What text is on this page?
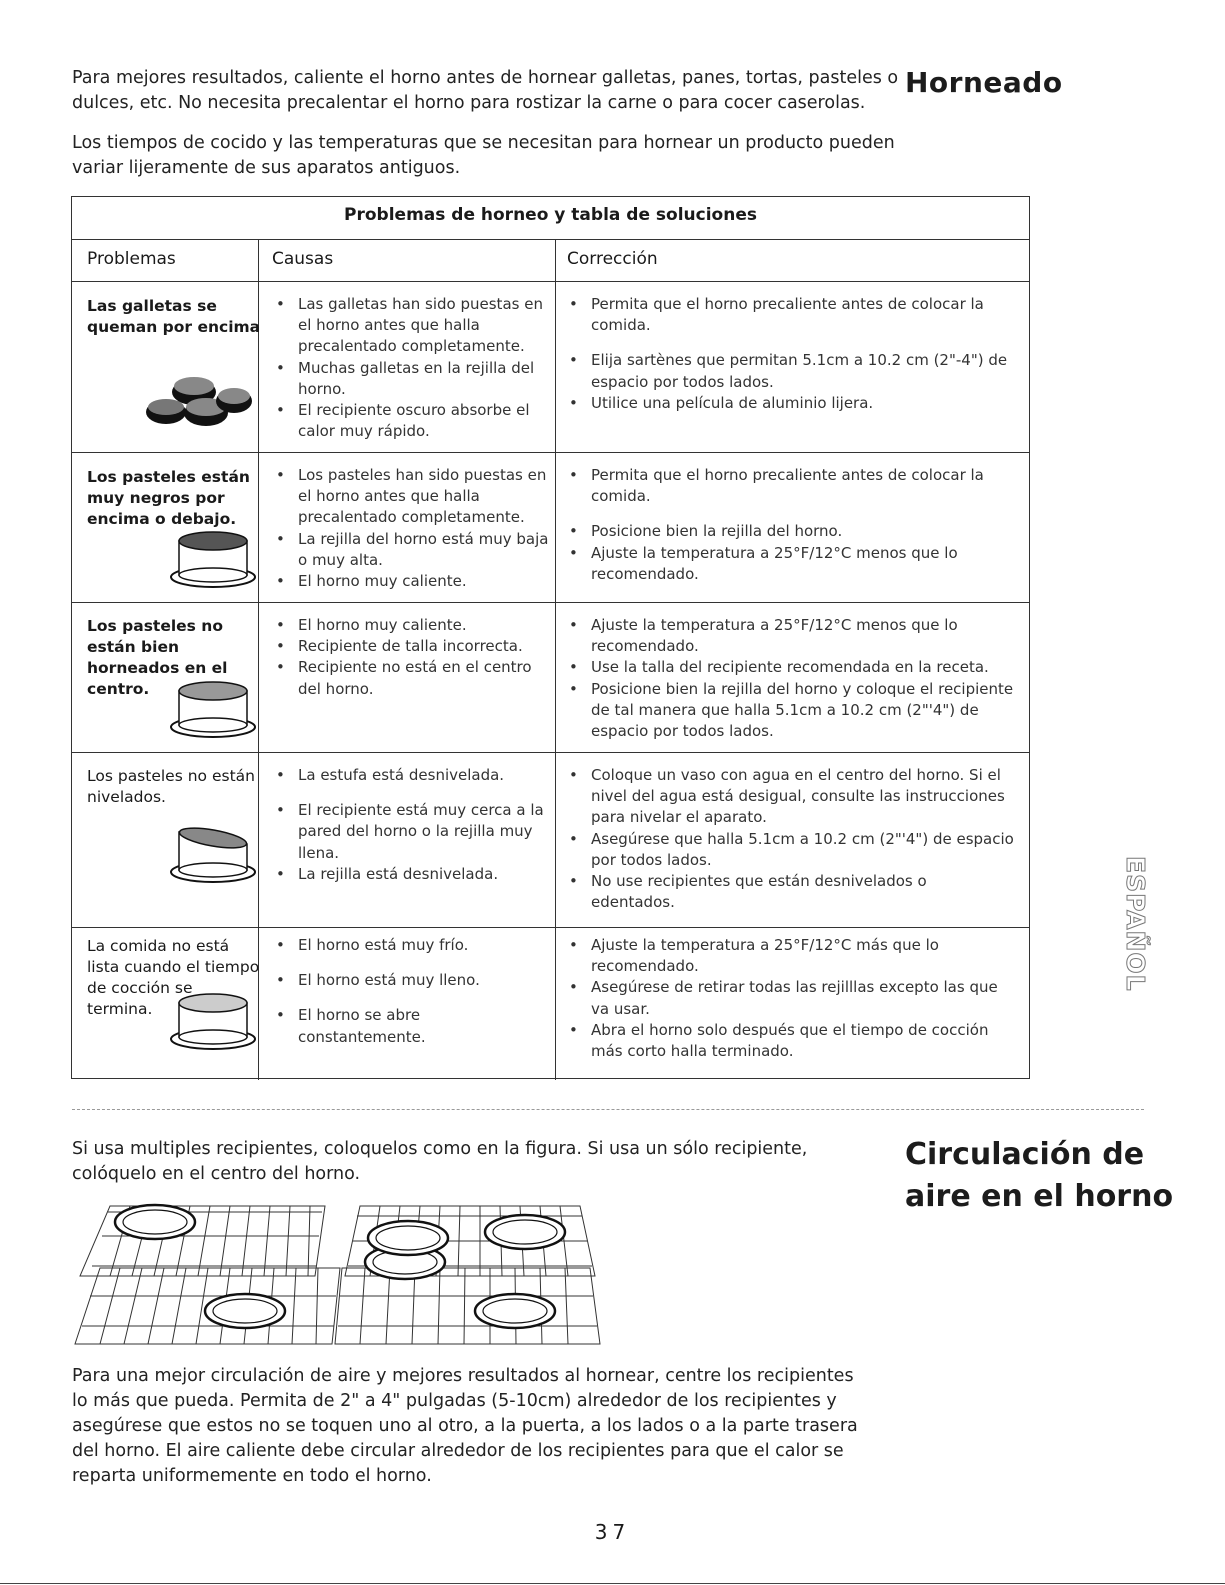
Para mejores resultados, caliente el horno antes de hornear galletas, panes, tortas, pasteles o dulces, etc. No necesita precalentar el horno para rostizar la carne o para cocer caserolas.

Los tiempos de cocido y las temperaturas que se necesitan para hornear un producto pueden variar lijeramente de sus aparatos antiguos.

Horneado
Problemas de horneo y tabla de soluciones
Problemas	Causas	Corrección
Las galletas se queman por encima
• Las galletas han sido puestas en el horno antes que halla precalentado completamente.
• Muchas galletas en la rejilla del horno.
• El recipiente oscuro absorbe el calor muy rápido.
• Permita que el horno precaliente antes de colocar la comida.
• Elija sartènes que permitan 5.1cm a 10.2 cm (2"-4") de espacio por todos lados.
• Utilice una película de aluminio lijera.
Los pasteles están muy negros por encima o debajo.
• Los pasteles han sido puestas en el horno antes que halla precalentado completamente.
• La rejilla del horno está muy baja o muy alta.
• El horno muy caliente.
• Permita que el horno precaliente antes de colocar la comida.
• Posicione bien la rejilla del horno.
• Ajuste la temperatura a 25°F/12°C menos que lo recomendado.
Los pasteles no están bien horneados en el centro.
• El horno muy caliente.
• Recipiente de talla incorrecta.
• Recipiente no está en el centro del horno.
• Ajuste la temperatura a 25°F/12°C menos que lo recomendado.
• Use la talla del recipiente recomendada en la receta.
• Posicione bien la rejilla del horno y coloque el recipiente de tal manera que halla 5.1cm a 10.2 cm (2"'4") de espacio por todos lados.
Los pasteles no están nivelados.
• La estufa está desnivelada.
• El recipiente está muy cerca a la pared del horno o la rejilla muy llena.
• La rejilla está desnivelada.
• Coloque un vaso con agua en el centro del horno. Si el nivel del agua está desigual, consulte las instrucciones para nivelar el aparato.
• Asegúrese que halla 5.1cm a 10.2 cm (2"'4") de espacio por todos lados.
• No use recipientes que están desnivelados o edentados.
La comida no está lista cuando el tiempo de cocción se termina.
• El horno está muy frío.
• El horno está muy lleno.
• El horno se abre constantemente.
• Ajuste la temperatura a 25°F/12°C más que lo recomendado.
• Asegúrese de retirar todas las rejilllas excepto las que va usar.
• Abra el horno solo después que el tiempo de cocción más corto halla terminado.
ESPAÑOL

Si usa multiples recipientes, coloquelos como en la figura. Si usa un sólo recipiente, colóquelo en el centro del horno.

Circulación de
aire en el horno

Para una mejor circulación de aire y mejores resultados al hornear, centre los recipientes lo más que pueda. Permita de 2" a 4" pulgadas (5-10cm) alrededor de los recipientes y asegúrese que estos no se toquen uno al otro, a la puerta, a los lados o a la parte trasera del horno. El aire caliente debe circular alrededor de los recipientes para que el calor se reparta uniformemente en todo el horno.

37
